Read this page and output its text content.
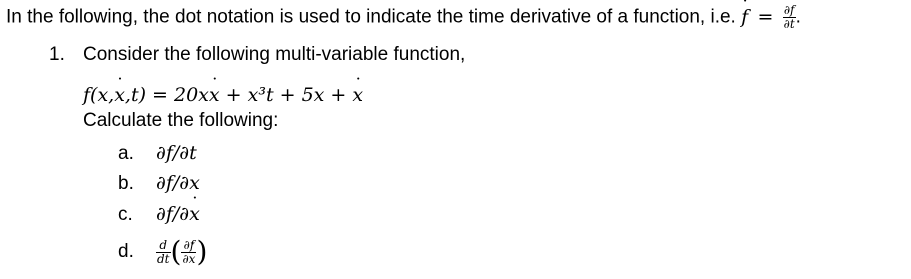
In the following, the dot notation is used to indicate the time derivative of a function, i.e. f ˙ = $\frac{\partial f}{\partial t}$ .
1. Consider the following multi-variable function,
f(x,x ˙,t) = 20xx ˙ + x³t + 5x + x ˙
Calculate the following:
a. ∂f/∂t
b. ∂f/∂x
c. ∂f/∂x ˙
d. $\frac{d}{dt}$ ( $\frac{\partial f}{\partial x}$ ˙ )
